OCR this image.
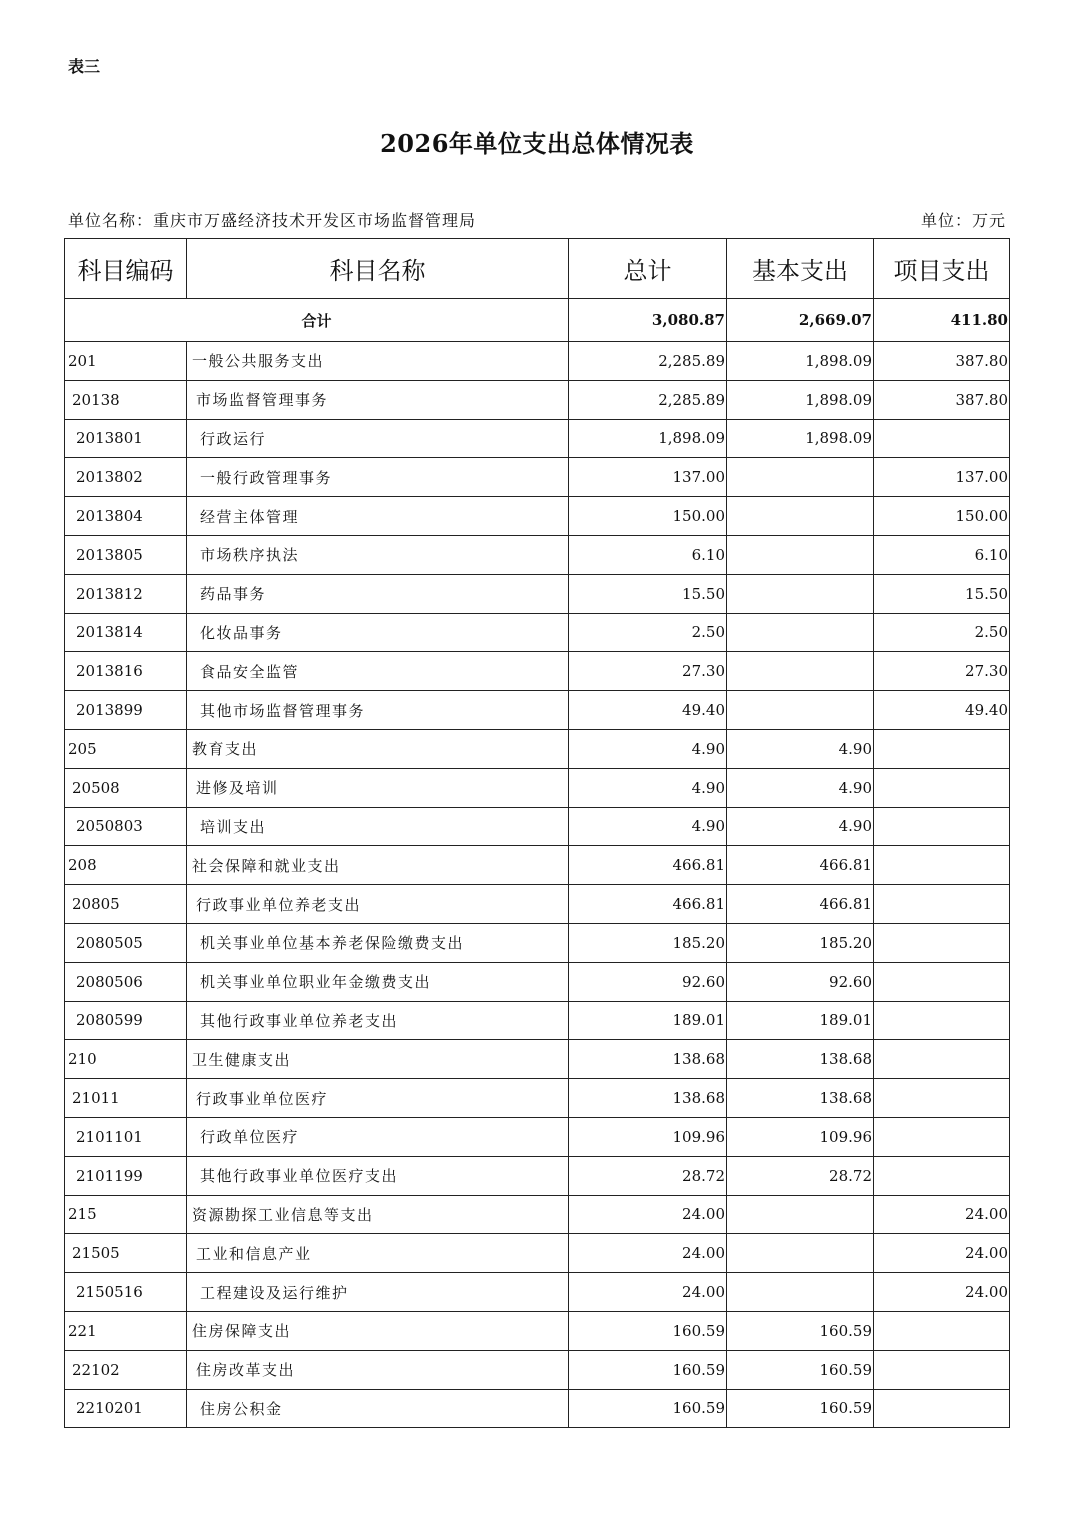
表三
2026年单位支出总体情况表
单位名称：重庆市万盛经济技术开发区市场监督管理局	单位：万元
科目编码	科目名称	总计	基本支出	项目支出
合计		3,080.87	2,669.07	411.80
201	一般公共服务支出	2,285.89	1,898.09	387.80
20138	市场监督管理事务	2,285.89	1,898.09	387.80
2013801	行政运行	1,898.09	1,898.09	
2013802	一般行政管理事务	137.00		137.00
2013804	经营主体管理	150.00		150.00
2013805	市场秩序执法	6.10		6.10
2013812	药品事务	15.50		15.50
2013814	化妆品事务	2.50		2.50
2013816	食品安全监管	27.30		27.30
2013899	其他市场监督管理事务	49.40		49.40
205	教育支出	4.90	4.90	
20508	进修及培训	4.90	4.90	
2050803	培训支出	4.90	4.90	
208	社会保障和就业支出	466.81	466.81	
20805	行政事业单位养老支出	466.81	466.81	
2080505	机关事业单位基本养老保险缴费支出	185.20	185.20	
2080506	机关事业单位职业年金缴费支出	92.60	92.60	
2080599	其他行政事业单位养老支出	189.01	189.01	
210	卫生健康支出	138.68	138.68	
21011	行政事业单位医疗	138.68	138.68	
2101101	行政单位医疗	109.96	109.96	
2101199	其他行政事业单位医疗支出	28.72	28.72	
215	资源勘探工业信息等支出	24.00		24.00
21505	工业和信息产业	24.00		24.00
2150516	工程建设及运行维护	24.00		24.00
221	住房保障支出	160.59	160.59	
22102	住房改革支出	160.59	160.59	
2210201	住房公积金	160.59	160.59	
